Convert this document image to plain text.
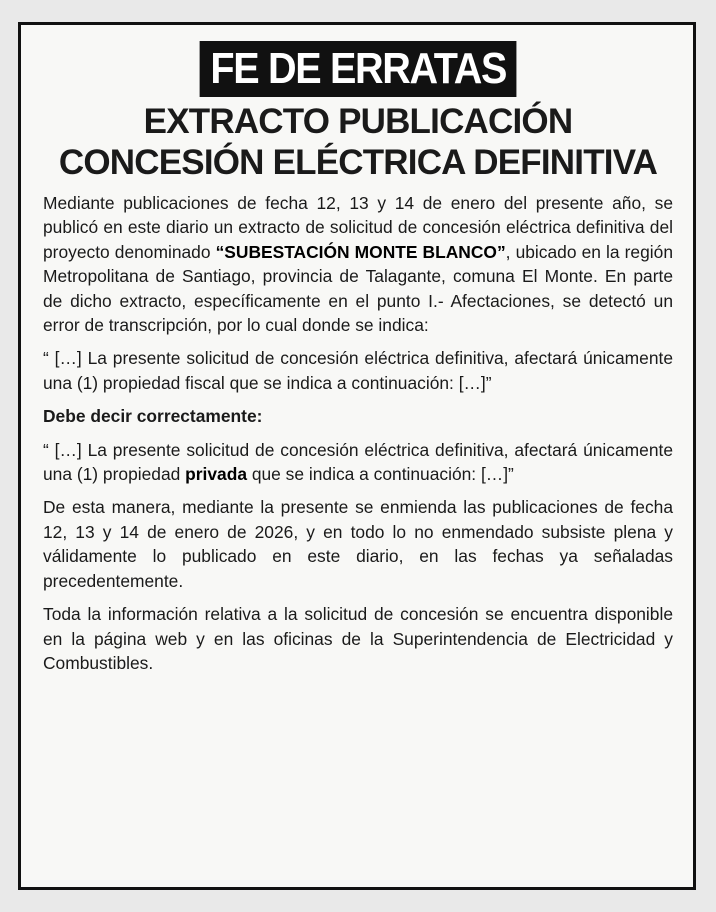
FE DE ERRATAS
EXTRACTO PUBLICACIÓN
CONCESIÓN ELÉCTRICA DEFINITIVA

Mediante publicaciones de fecha 12, 13 y 14 de enero del presente año, se publicó en este diario un extracto de solicitud de concesión eléctrica definitiva del proyecto denominado “SUBESTACIÓN MONTE BLANCO”, ubicado en la región Metropolitana de Santiago, provincia de Talagante, comuna El Monte. En parte de dicho extracto, específicamente en el punto I.- Afectaciones, se detectó un error de transcripción, por lo cual donde se indica:

“ […] La presente solicitud de concesión eléctrica definitiva, afectará únicamente una (1) propiedad fiscal que se indica a continuación: […]”

Debe decir correctamente:

“ […] La presente solicitud de concesión eléctrica definitiva, afectará únicamente una (1) propiedad privada que se indica a continuación: […]”

De esta manera, mediante la presente se enmienda las publicaciones de fecha 12, 13 y 14 de enero de 2026, y en todo lo no enmendado subsiste plena y válidamente lo publicado en este diario, en las fechas ya señaladas precedentemente.

Toda la información relativa a la solicitud de concesión se encuentra disponible en la página web y en las oficinas de la Superintendencia de Electricidad y Combustibles.
